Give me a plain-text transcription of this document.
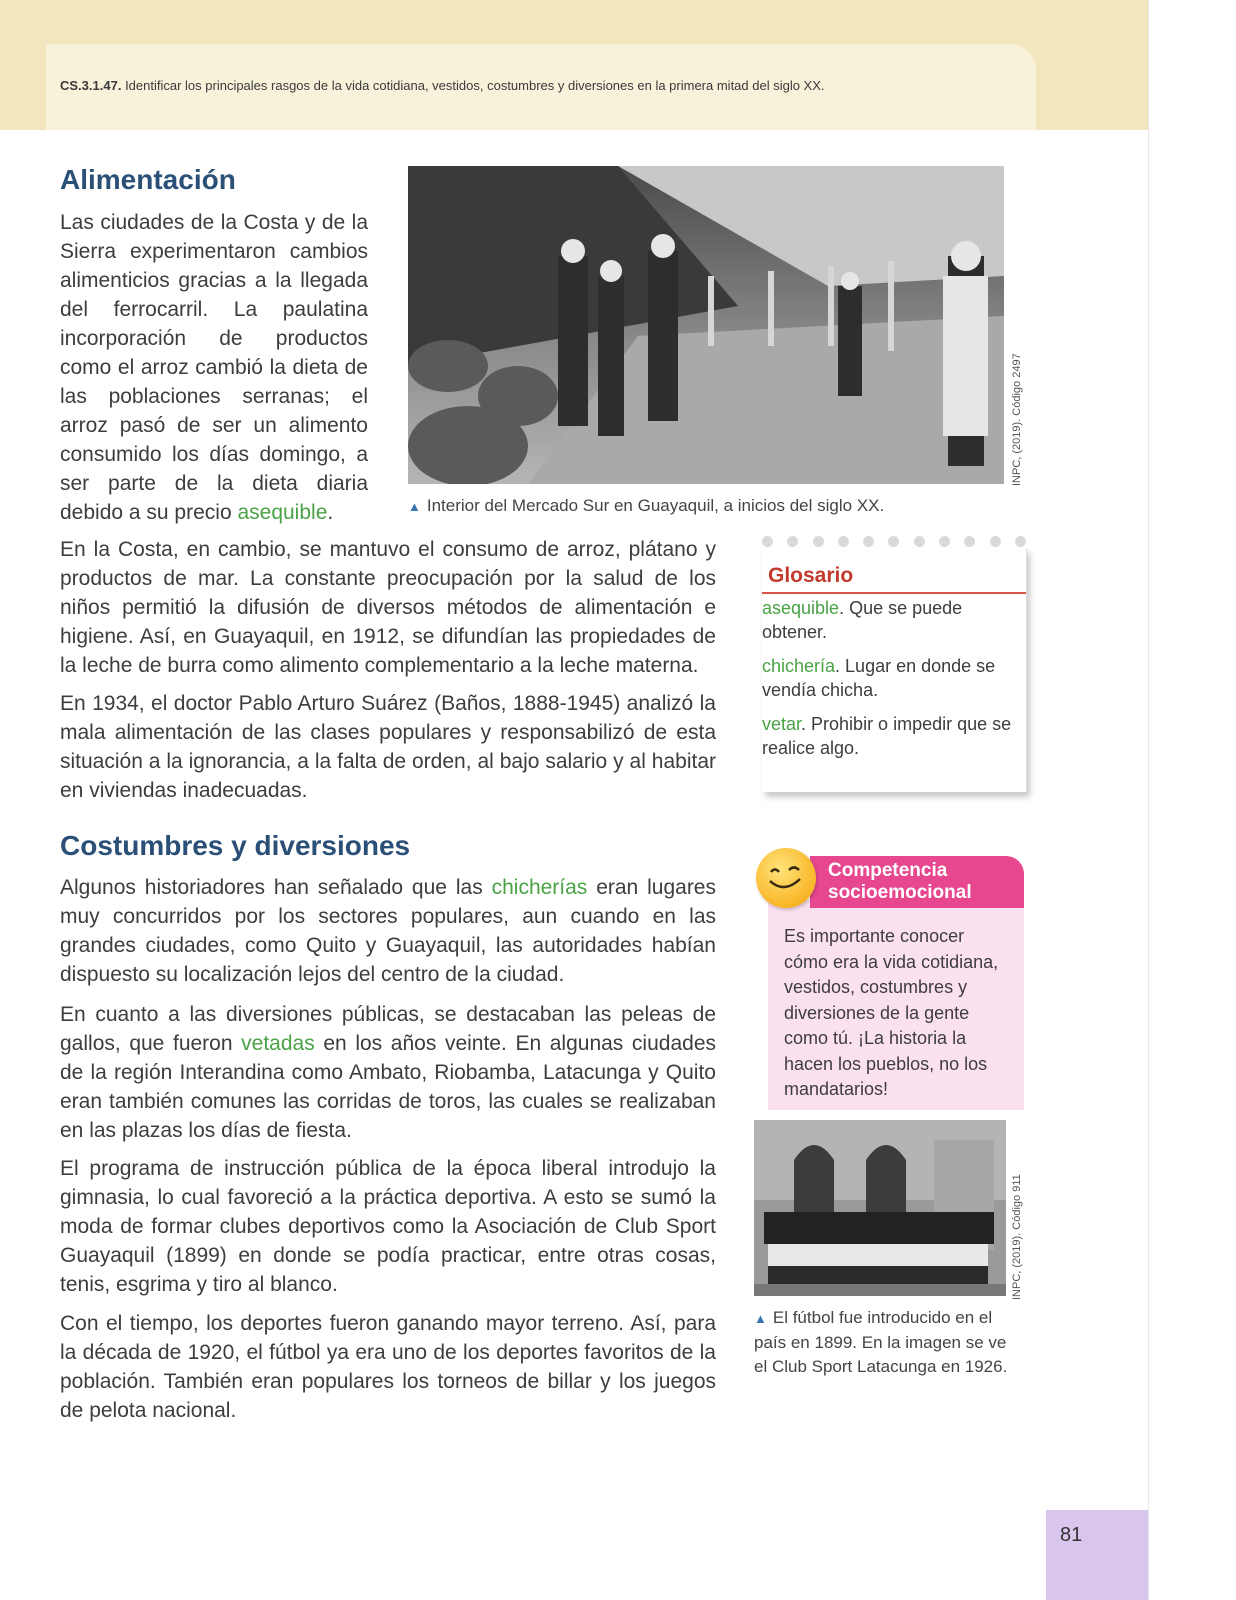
CS.3.1.47. Identificar los principales rasgos de la vida cotidiana, vestidos, costumbres y diversiones en la primera mitad del siglo XX.
Alimentación

Las ciudades de la Costa y de la Sierra experimentaron cambios alimenticios gracias a la llegada del ferrocarril. La paulatina incorporación de productos como el arroz cambió la dieta de las poblaciones serranas; el arroz pasó de ser un alimento consumido los días domingo, a ser parte de la dieta diaria debido a su precio asequible.

INPC, (2019). Código 2497
▲ Interior del Mercado Sur en Guayaquil, a inicios del siglo XX.

En la Costa, en cambio, se mantuvo el consumo de arroz, plátano y productos de mar. La constante preocupación por la salud de los niños permitió la difusión de diversos métodos de alimentación e higiene. Así, en Guayaquil, en 1912, se difundían las propiedades de la leche de burra como alimento complementario a la leche materna.

En 1934, el doctor Pablo Arturo Suárez (Baños, 1888-1945) analizó la mala alimentación de las clases populares y responsabilizó de esta situación a la ignorancia, a la falta de orden, al bajo salario y al habitar en viviendas inadecuadas.

Glosario
asequible. Que se puede obtener.
chichería. Lugar en donde se vendía chicha.
vetar. Prohibir o impedir que se realice algo.
Costumbres y diversiones

Algunos historiadores han señalado que las chicherías eran lugares muy concurridos por los sectores populares, aun cuando en las grandes ciudades, como Quito y Guayaquil, las autoridades habían dispuesto su localización lejos del centro de la ciudad.

En cuanto a las diversiones públicas, se destacaban las peleas de gallos, que fueron vetadas en los años veinte. En algunas ciudades de la región Interandina como Ambato, Riobamba, Latacunga y Quito eran también comunes las corridas de toros, las cuales se realizaban en las plazas los días de fiesta.

El programa de instrucción pública de la época liberal introdujo la gimnasia, lo cual favoreció a la práctica deportiva. A esto se sumó la moda de formar clubes deportivos como la Asociación de Club Sport Guayaquil (1899) en donde se podía practicar, entre otras cosas, tenis, esgrima y tiro al blanco.

Con el tiempo, los deportes fueron ganando mayor terreno. Así, para la década de 1920, el fútbol ya era uno de los deportes favoritos de la población. También eran populares los torneos de billar y los juegos de pelota nacional.

Competencia
socioemocional
Es importante conocer cómo era la vida cotidiana, vestidos, costumbres y diversiones de la gente como tú. ¡La historia la hacen los pueblos, no los mandatarios!
INPC, (2019). Código 911
▲ El fútbol fue introducido en el país en 1899. En la imagen se ve el Club Sport Latacunga en 1926.
81
